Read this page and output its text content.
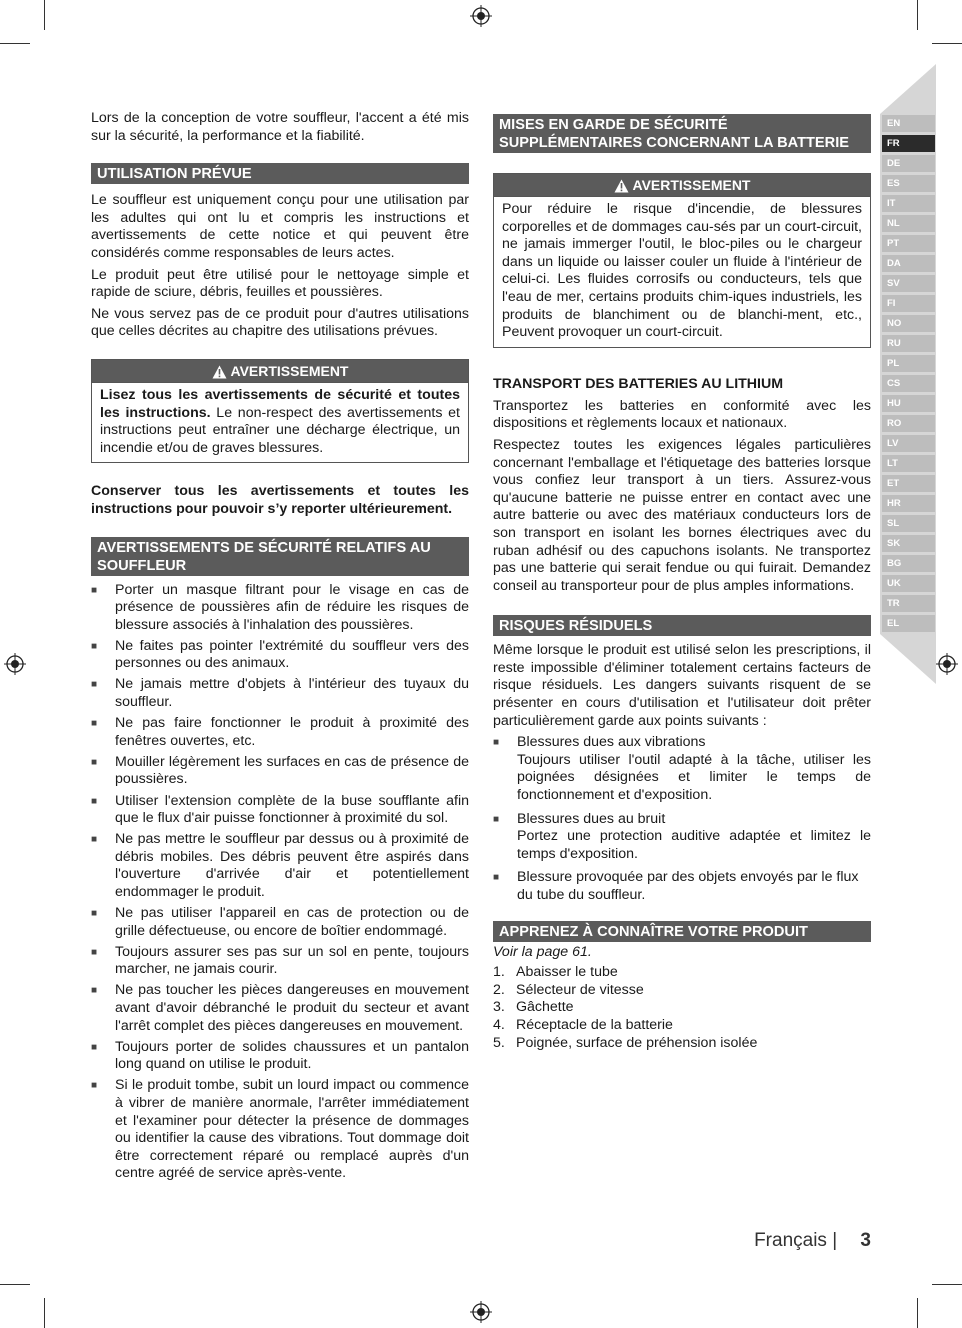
EN
FR
DE
ES
IT
NL
PT
DA
SV
FI
NO
RU
PL
CS
HU
RO
LV
LT
ET
HR
SL
SK
BG
UK
TR
EL

Lors de la conception de votre souffleur, l'accent a été mis sur la sécurité, la performance et la fiabilité.

UTILISATION PRÉVUE

Le souffleur est uniquement conçu pour une utilisation par les adultes qui ont lu et compris les instructions et avertissements de cette notice et qui peuvent être considérés comme responsables de leurs actes.

Le produit peut être utilisé pour le nettoyage simple et rapide de sciure, débris, feuilles et poussières.

Ne vous servez pas de ce produit pour d'autres utilisations que celles décrites au chapitre des utilisations prévues.

AVERTISSEMENT
Lisez tous les avertissements de sécurité et toutes les instructions. Le non-respect des avertissements et instructions peut entraîner une décharge électrique, un incendie et/ou de graves blessures.

Conserver tous les avertissements et toutes les instructions pour pouvoir s’y reporter ultérieurement.

AVERTISSEMENTS DE SÉCURITÉ RELATIFS AU SOUFFLEUR
■ Porter un masque filtrant pour le visage en cas de présence de poussières afin de réduire les risques de blessure associés à l'inhalation des poussières.
■ Ne faites pas pointer l'extrémité du souffleur vers des personnes ou des animaux.
■ Ne jamais mettre d'objets à l'intérieur des tuyaux du souffleur.
■ Ne pas faire fonctionner le produit à proximité des fenêtres ouvertes, etc.
■ Mouiller légèrement les surfaces en cas de présence de poussières.
■ Utiliser l'extension complète de la buse soufflante afin que le flux d'air puisse fonctionner à proximité du sol.
■ Ne pas mettre le souffleur par dessus ou à proximité de débris mobiles. Des débris peuvent être aspirés dans l'ouverture d'arrivée d'air et potentiellement endommager le produit.
■ Ne pas utiliser l'appareil en cas de protection ou de grille défectueuse, ou encore de boîtier endommagé.
■ Toujours assurer ses pas sur un sol en pente, toujours marcher, ne jamais courir.
■ Ne pas toucher les pièces dangereuses en mouvement avant d'avoir débranché le produit du secteur et avant l'arrêt complet des pièces dangereuses en mouvement.
■ Toujours porter de solides chaussures et un pantalon long quand on utilise le produit.
■ Si le produit tombe, subit un lourd impact ou commence à vibrer de manière anormale, l'arrêter immédiatement et l'examiner pour détecter la présence de dommages ou identifier la cause des vibrations. Tout dommage doit être correctement réparé ou remplacé auprès d'un centre agréé de service après-vente.
MISES EN GARDE DE SÉCURITÉ
SUPPLÉMENTAIRES CONCERNANT LA BATTERIE
AVERTISSEMENT
Pour réduire le risque d'incendie, de blessures corporelles et de dommages cau-sés par un court-circuit, ne jamais immerger l'outil, le bloc-piles ou le chargeur dans un liquide ou laisser couler un fluide à l'intérieur de celui-ci. Les fluides corrosifs ou conducteurs, tels que l'eau de mer, certains produits chim-iques industriels, les produits de blanchiment ou de blanchi-ment, etc., Peuvent provoquer un court-circuit.
TRANSPORT DES BATTERIES AU LITHIUM

Transportez les batteries en conformité avec les dispositions et règlements locaux et nationaux.

Respectez toutes les exigences légales particulières concernant l'emballage et l'étiquetage des batteries lorsque vous confiez leur transport à un tiers. Assurez-vous qu'aucune batterie ne puisse entrer en contact avec une autre batterie ou avec des matériaux conducteurs lors de son transport en isolant les bornes électriques avec du ruban adhésif ou des capuchons isolants. Ne transportez pas une batterie qui serait fendue ou qui fuirait. Demandez conseil au transporteur pour de plus amples informations.

RISQUES RÉSIDUELS

Même lorsque le produit est utilisé selon les prescriptions, il reste impossible d'éliminer totalement certains facteurs de risque résiduels. Les dangers suivants risquent de se présenter en cours d'utilisation et l'utilisateur doit prêter particulièrement garde aux points suivants :

■ Blessures dues aux vibrations
Toujours utiliser l'outil adapté à la tâche, utiliser les poignées désignées et limiter le temps de fonctionnement et d'exposition.
■ Blessures dues au bruit
Portez une protection auditive adaptée et limitez le temps d'exposition.
■ Blessure provoquée par des objets envoyés par le flux du tube du souffleur.
APPRENEZ À CONNAÎTRE VOTRE PRODUIT

Voir la page 61.

1. Abaisser le tube
2. Sélecteur de vitesse
3. Gâchette
4. Réceptacle de la batterie
5. Poignée, surface de préhension isolée
Français | 3
